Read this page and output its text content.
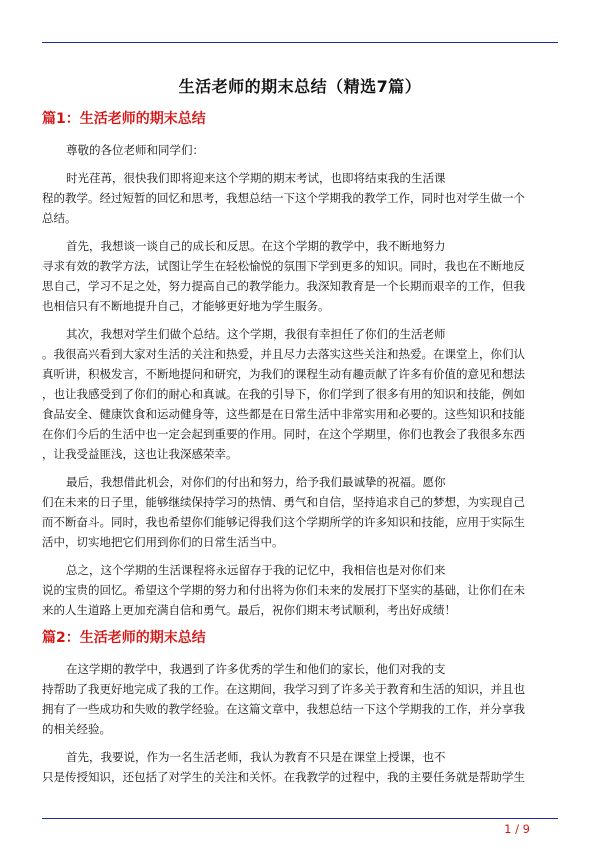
生活老师的期末总结（精选7篇）
篇1：生活老师的期末总结
尊敬的各位老师和同学们：
时光荏苒，很快我们即将迎来这个学期的期末考试，也即将结束我的生活课
程的教学。经过短暂的回忆和思考，我想总结一下这个学期我的教学工作，同时也对学生做一个
总结。
首先，我想谈一谈自己的成长和反思。在这个学期的教学中，我不断地努力
寻求有效的教学方法，试图让学生在轻松愉悦的氛围下学到更多的知识。同时，我也在不断地反
思自己，学习不足之处，努力提高自己的教学能力。我深知教育是一个长期而艰辛的工作，但我
也相信只有不断地提升自己，才能够更好地为学生服务。
其次，我想对学生们做个总结。这个学期，我很有幸担任了你们的生活老师
。我很高兴看到大家对生活的关注和热爱，并且尽力去落实这些关注和热爱。在课堂上，你们认
真听讲，积极发言，不断地提问和研究，为我们的课程生动有趣贡献了许多有价值的意见和想法
，也让我感受到了你们的耐心和真诚。在我的引导下，你们学到了很多有用的知识和技能，例如
食品安全、健康饮食和运动健身等，这些都是在日常生活中非常实用和必要的。这些知识和技能
在你们今后的生活中也一定会起到重要的作用。同时，在这个学期里，你们也教会了我很多东西
，让我受益匪浅，这也让我深感荣幸。
最后，我想借此机会，对你们的付出和努力，给予我们最诚挚的祝福。愿你
们在未来的日子里，能够继续保持学习的热情、勇气和自信，坚持追求自己的梦想，为实现自己
而不断奋斗。同时，我也希望你们能够记得我们这个学期所学的许多知识和技能，应用于实际生
活中，切实地把它们用到你们的日常生活当中。
总之，这个学期的生活课程将永远留存于我的记忆中，我相信也是对你们来
说的宝贵的回忆。希望这个学期的努力和付出将为你们未来的发展打下坚实的基础，让你们在未
来的人生道路上更加充满自信和勇气。最后，祝你们期末考试顺利，考出好成绩！
篇2：生活老师的期末总结
在这学期的教学中，我遇到了许多优秀的学生和他们的家长，他们对我的支
持帮助了我更好地完成了我的工作。在这期间，我学习到了许多关于教育和生活的知识，并且也
拥有了一些成功和失败的教学经验。在这篇文章中，我想总结一下这个学期我的工作，并分享我
的相关经验。
首先，我要说，作为一名生活老师，我认为教育不只是在课堂上授课，也不
只是传授知识，还包括了对学生的关注和关怀。在我教学的过程中，我的主要任务就是帮助学生
1 / 9
